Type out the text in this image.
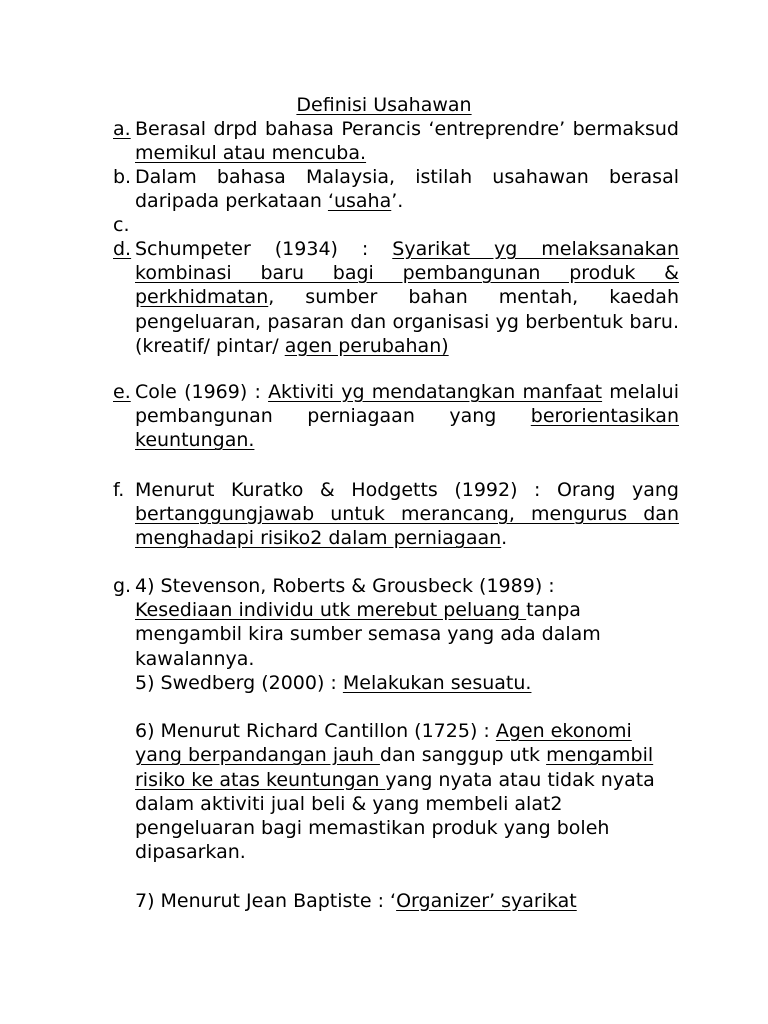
Definisi Usahawan
a. Berasal drpd bahasa Perancis ‘entreprendre’ bermaksud memikul atau mencuba.
b. Dalam bahasa Malaysia, istilah usahawan berasal daripada perkataan ‘usaha’.
c.
d. Schumpeter (1934) : Syarikat yg melaksanakan kombinasi baru bagi pembangunan produk & perkhidmatan, sumber bahan mentah, kaedah pengeluaran, pasaran dan organisasi yg berbentuk baru. (kreatif/ pintar/ agen perubahan)
e. Cole (1969) : Aktiviti yg mendatangkan manfaat melalui pembangunan perniagaan yang berorientasikan keuntungan.
f. Menurut Kuratko & Hodgetts (1992) : Orang yang bertanggungjawab untuk merancang, mengurus dan menghadapi risiko2 dalam perniagaan.
g. 4) Stevenson, Roberts & Grousbeck (1989) :
Kesediaan individu utk merebut peluang tanpa mengambil kira sumber semasa yang ada dalam kawalannya.

5) Swedberg (2000) : Melakukan sesuatu.

6) Menurut Richard Cantillon (1725) : Agen ekonomi yang berpandangan jauh dan sanggup utk mengambil risiko ke atas keuntungan yang nyata atau tidak nyata dalam aktiviti jual beli & yang membeli alat2 pengeluaran bagi memastikan produk yang boleh dipasarkan.

7) Menurut Jean Baptiste : ‘Organizer’ syarikat
